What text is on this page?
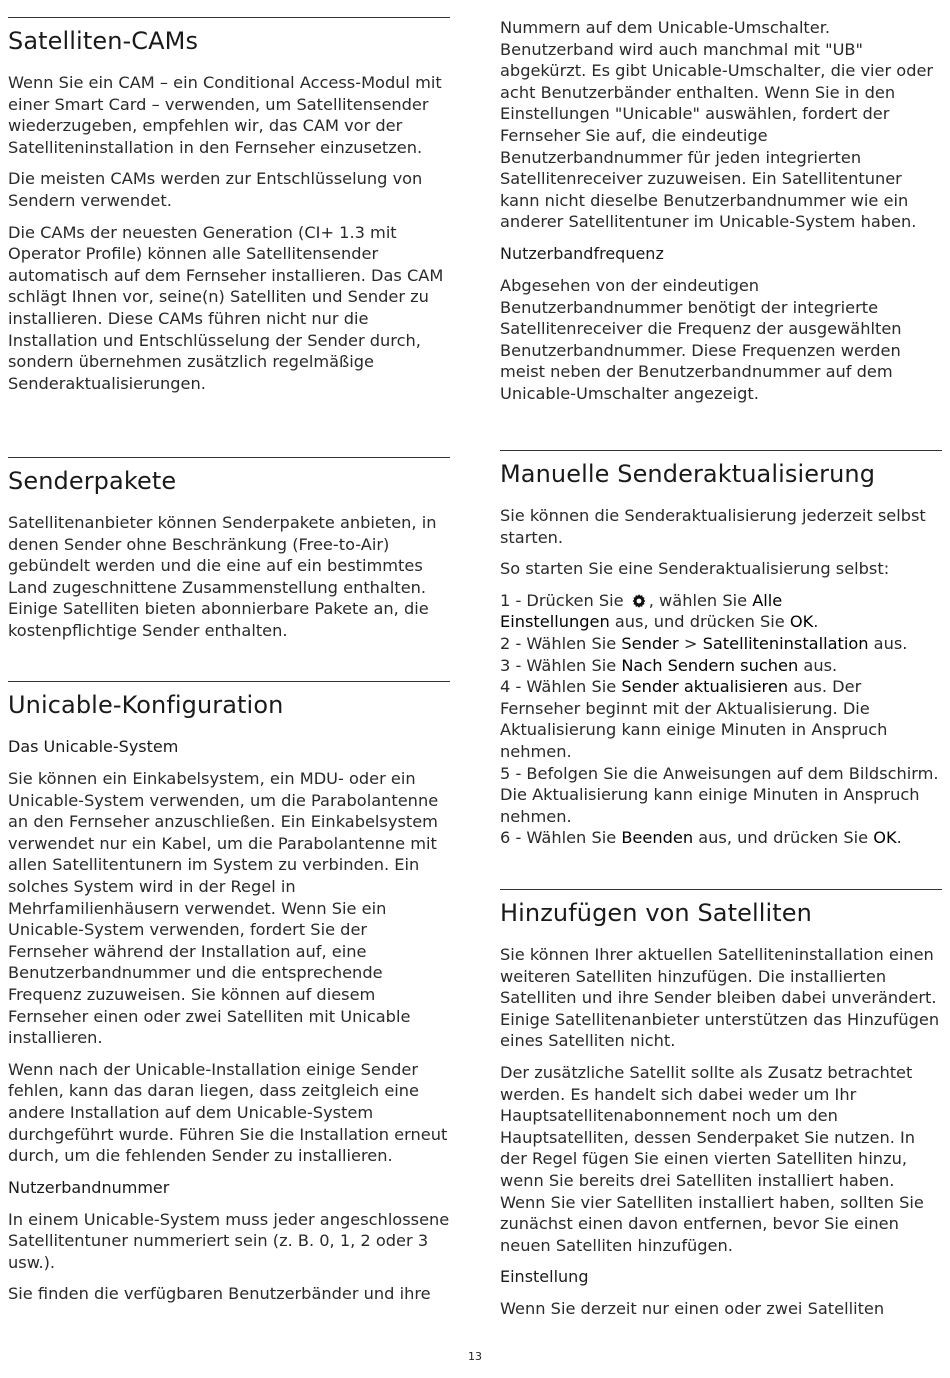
Satelliten-CAMs

Wenn Sie ein CAM – ein Conditional Access-Modul mit einer Smart Card – verwenden, um Satellitensender wiederzugeben, empfehlen wir, das CAM vor der Satelliteninstallation in den Fernseher einzusetzen.

Die meisten CAMs werden zur Entschlüsselung von Sendern verwendet.

Die CAMs der neuesten Generation (CI+ 1.3 mit Operator Profile) können alle Satellitensender automatisch auf dem Fernseher installieren. Das CAM schlägt Ihnen vor, seine(n) Satelliten und Sender zu installieren. Diese CAMs führen nicht nur die Installation und Entschlüsselung der Sender durch, sondern übernehmen zusätzlich regelmäßige Senderaktualisierungen.

Senderpakete

Satellitenanbieter können Senderpakete anbieten, in denen Sender ohne Beschränkung (Free-to-Air) gebündelt werden und die eine auf ein bestimmtes Land zugeschnittene Zusammenstellung enthalten. Einige Satelliten bieten abonnierbare Pakete an, die kostenpflichtige Sender enthalten.

Unicable-Konfiguration
Das Unicable-System

Sie können ein Einkabelsystem, ein MDU- oder ein Unicable-System verwenden, um die Parabolantenne an den Fernseher anzuschließen. Ein Einkabelsystem verwendet nur ein Kabel, um die Parabolantenne mit allen Satellitentunern im System zu verbinden. Ein solches System wird in der Regel in Mehrfamilienhäusern verwendet. Wenn Sie ein Unicable-System verwenden, fordert Sie der Fernseher während der Installation auf, eine Benutzerbandnummer und die entsprechende Frequenz zuzuweisen. Sie können auf diesem Fernseher einen oder zwei Satelliten mit Unicable installieren.

Wenn nach der Unicable-Installation einige Sender fehlen, kann das daran liegen, dass zeitgleich eine andere Installation auf dem Unicable-System durchgeführt wurde. Führen Sie die Installation erneut durch, um die fehlenden Sender zu installieren.

Nutzerbandnummer

In einem Unicable-System muss jeder angeschlossene Satellitentuner nummeriert sein (z. B. 0, 1, 2 oder 3 usw.).

Sie finden die verfügbaren Benutzerbänder und ihre

Nummern auf dem Unicable-Umschalter. Benutzerband wird auch manchmal mit "UB" abgekürzt. Es gibt Unicable-Umschalter, die vier oder acht Benutzerbänder enthalten. Wenn Sie in den Einstellungen "Unicable" auswählen, fordert der Fernseher Sie auf, die eindeutige Benutzerbandnummer für jeden integrierten Satellitenreceiver zuzuweisen. Ein Satellitentuner kann nicht dieselbe Benutzerbandnummer wie ein anderer Satellitentuner im Unicable-System haben.

Nutzerbandfrequenz

Abgesehen von der eindeutigen Benutzerbandnummer benötigt der integrierte Satellitenreceiver die Frequenz der ausgewählten Benutzerbandnummer. Diese Frequenzen werden meist neben der Benutzerbandnummer auf dem Unicable-Umschalter angezeigt.

Manuelle Senderaktualisierung

Sie können die Senderaktualisierung jederzeit selbst starten.

So starten Sie eine Senderaktualisierung selbst:

1 - Drücken Sie , wählen Sie Alle
Einstellungen aus, und drücken Sie OK.

2 - Wählen Sie Sender > Satelliteninstallation aus.

3 - Wählen Sie Nach Sendern suchen aus.

4 - Wählen Sie Sender aktualisieren aus. Der Fernseher beginnt mit der Aktualisierung. Die Aktualisierung kann einige Minuten in Anspruch nehmen.

5 - Befolgen Sie die Anweisungen auf dem Bildschirm. Die Aktualisierung kann einige Minuten in Anspruch nehmen.

6 - Wählen Sie Beenden aus, und drücken Sie OK.

Hinzufügen von Satelliten

Sie können Ihrer aktuellen Satelliteninstallation einen weiteren Satelliten hinzufügen. Die installierten Satelliten und ihre Sender bleiben dabei unverändert. Einige Satellitenanbieter unterstützen das Hinzufügen eines Satelliten nicht.

Der zusätzliche Satellit sollte als Zusatz betrachtet werden. Es handelt sich dabei weder um Ihr Hauptsatellitenabonnement noch um den Hauptsatelliten, dessen Senderpaket Sie nutzen. In der Regel fügen Sie einen vierten Satelliten hinzu, wenn Sie bereits drei Satelliten installiert haben. Wenn Sie vier Satelliten installiert haben, sollten Sie zunächst einen davon entfernen, bevor Sie einen neuen Satelliten hinzufügen.

Einstellung

Wenn Sie derzeit nur einen oder zwei Satelliten

13
